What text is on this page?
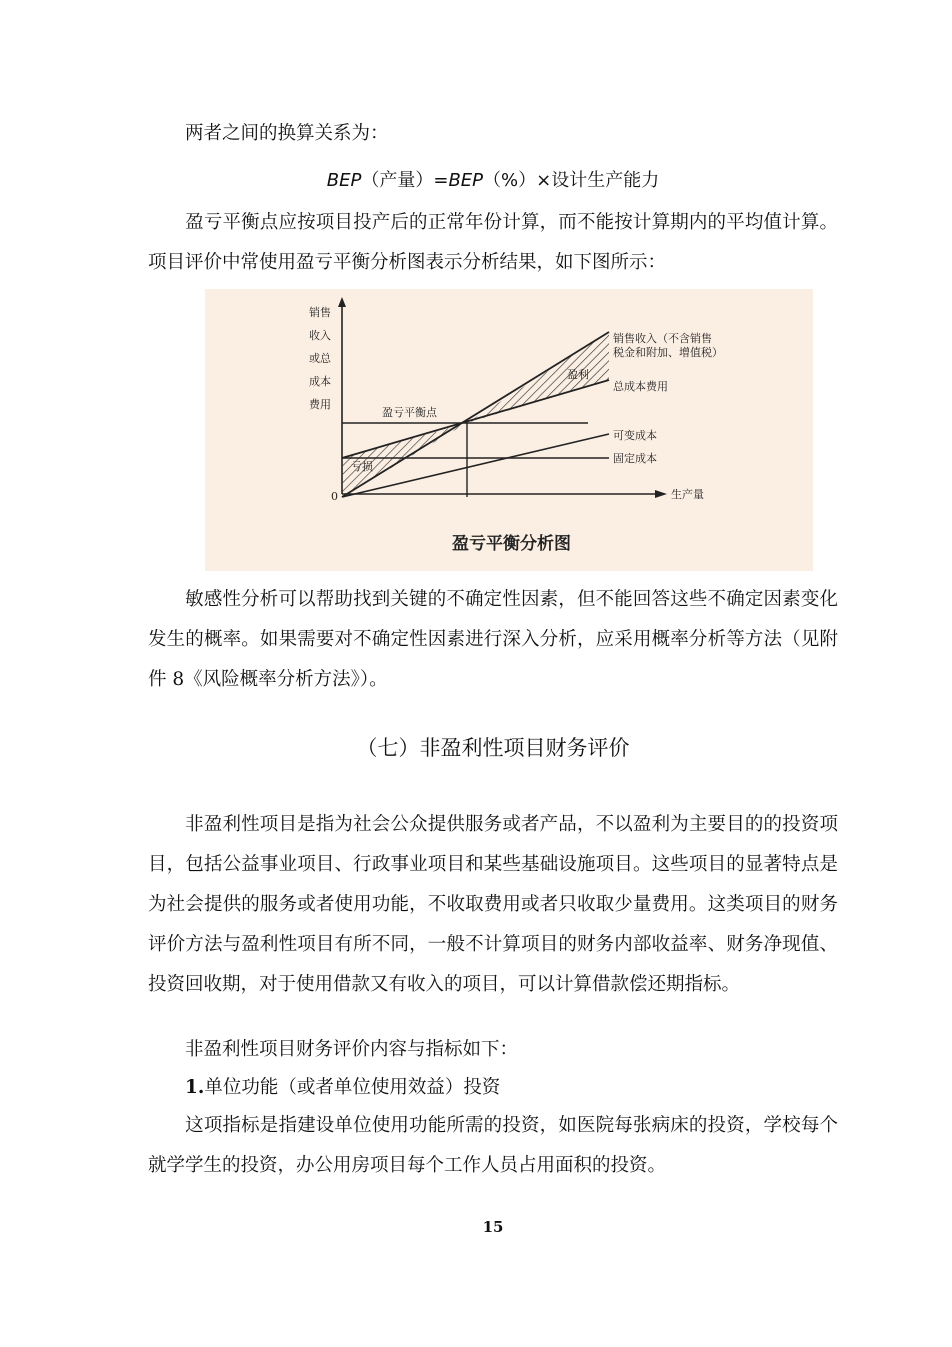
两者之间的换算关系为：

BEP（产量）=BEP（%）×设计生产能力

盈亏平衡点应按项目投产后的正常年份计算，而不能按计算期内的平均值计算。项目评价中常使用盈亏平衡分析图表示分析结果，如下图所示：

销售
收入
或总
成本
费用
0	生产量
盈亏平衡点
盈利
亏损
销售收入（不含销售
税金和附加、增值税）
总成本费用
可变成本
固定成本
盈亏平衡分析图

敏感性分析可以帮助找到关键的不确定性因素，但不能回答这些不确定因素变化发生的概率。如果需要对不确定性因素进行深入分析，应采用概率分析等方法（见附件 8《风险概率分析方法》）。

（七）非盈利性项目财务评价

非盈利性项目是指为社会公众提供服务或者产品，不以盈利为主要目的的投资项目，包括公益事业项目、行政事业项目和某些基础设施项目。这些项目的显著特点是为社会提供的服务或者使用功能，不收取费用或者只收取少量费用。这类项目的财务评价方法与盈利性项目有所不同，一般不计算项目的财务内部收益率、财务净现值、投资回收期，对于使用借款又有收入的项目，可以计算借款偿还期指标。

非盈利性项目财务评价内容与指标如下：

1.单位功能（或者单位使用效益）投资

这项指标是指建设单位使用功能所需的投资，如医院每张病床的投资，学校每个就学学生的投资，办公用房项目每个工作人员占用面积的投资。

15
